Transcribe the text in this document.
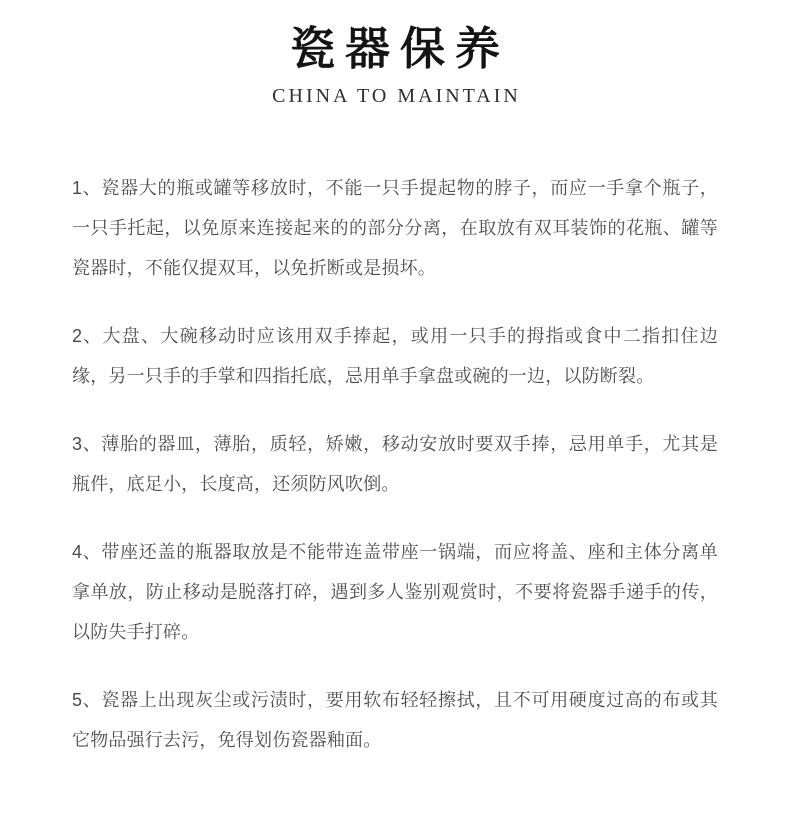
瓷器保养
CHINA TO MAINTAIN

1、瓷器大的瓶或罐等移放时，不能一只手提起物的脖子，而应一手拿个瓶子，一只手托起，以免原来连接起来的的部分分离，在取放有双耳装饰的花瓶、罐等瓷器时，不能仅提双耳，以免折断或是损坏。

2、大盘、大碗移动时应该用双手捧起，或用一只手的拇指或食中二指扣住边缘，另一只手的手掌和四指托底，忌用单手拿盘或碗的一边，以防断裂。

3、薄胎的器皿，薄胎，质轻，矫嫩，移动安放时要双手捧，忌用单手，尤其是瓶件，底足小，长度高，还须防风吹倒。

4、带座还盖的瓶器取放是不能带连盖带座一锅端，而应将盖、座和主体分离单拿单放，防止移动是脱落打碎，遇到多人鉴别观赏时，不要将瓷器手递手的传，以防失手打碎。

5、瓷器上出现灰尘或污渍时，要用软布轻轻擦拭，且不可用硬度过高的布或其它物品强行去污，免得划伤瓷器釉面。
